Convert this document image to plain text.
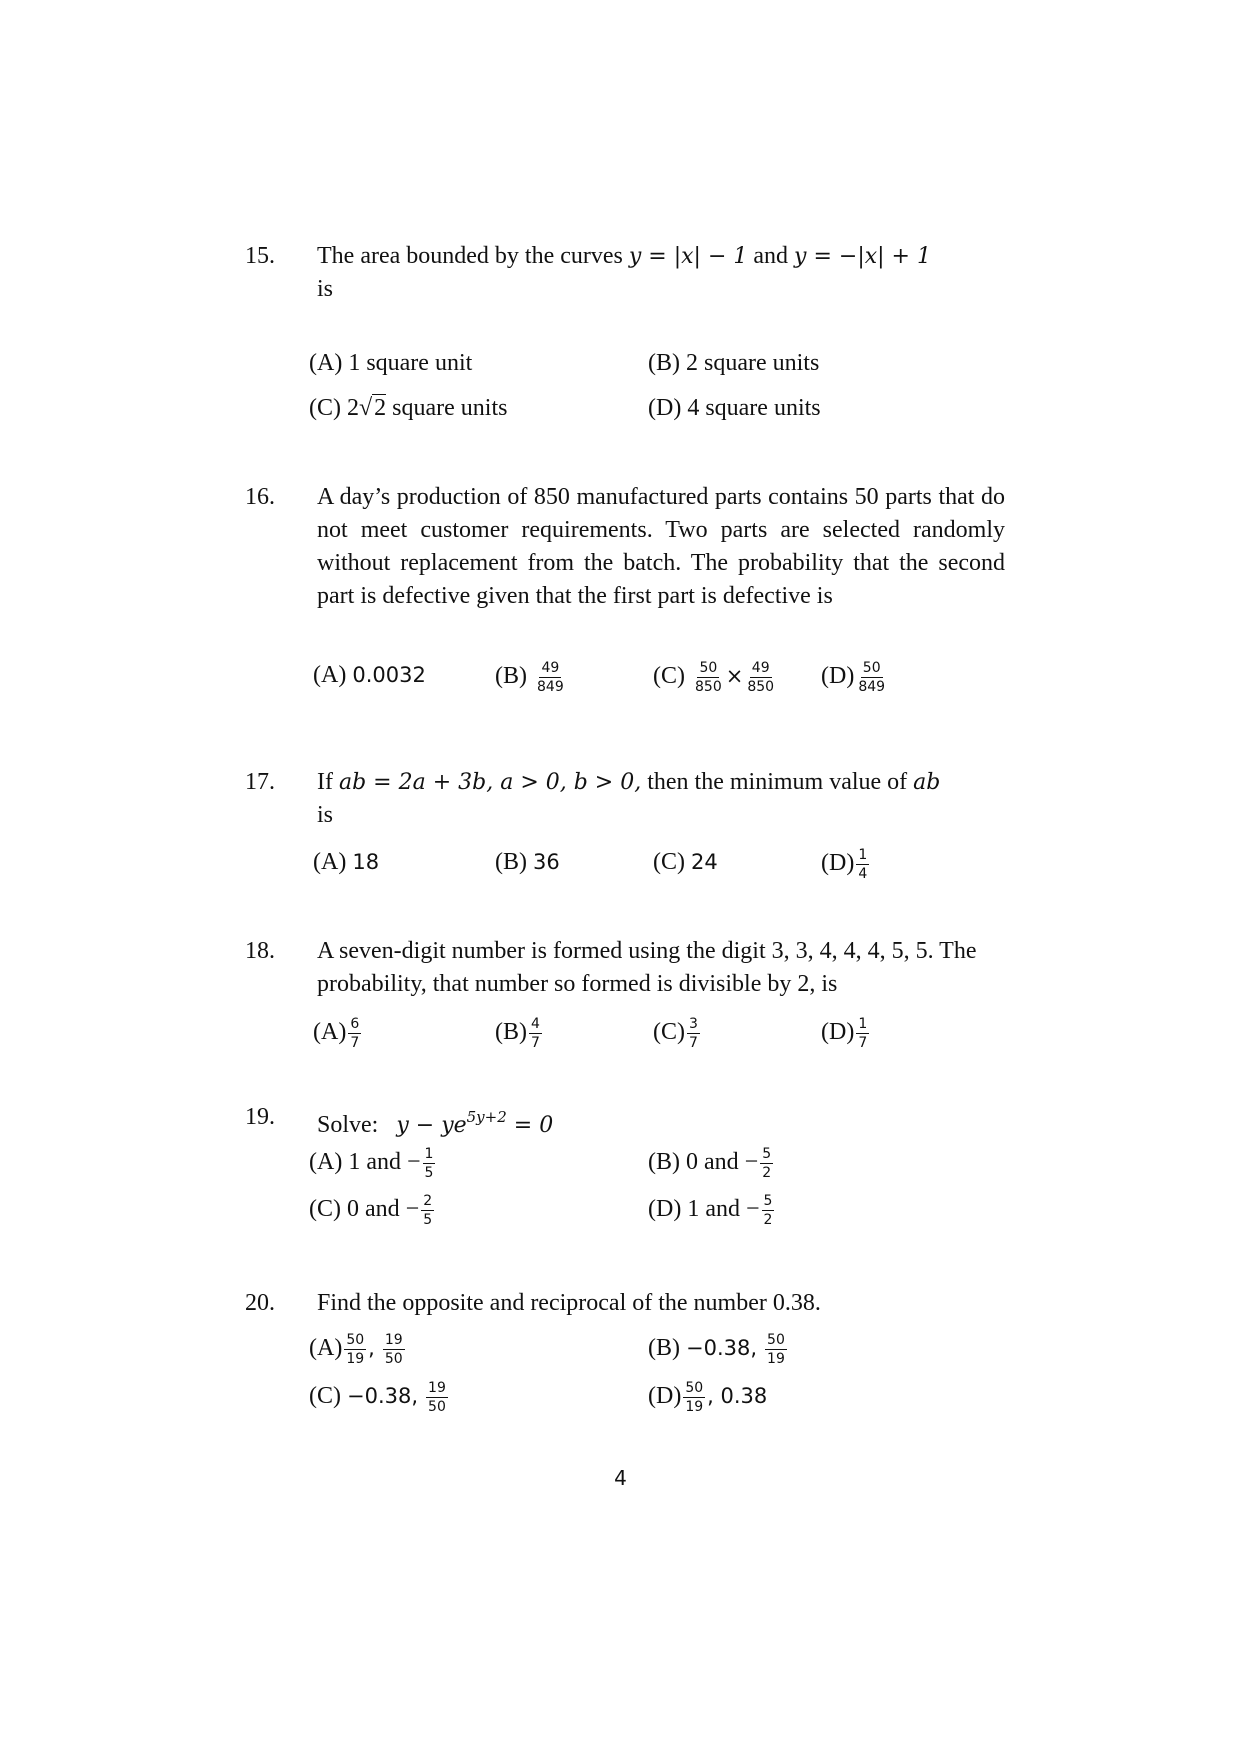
15. The area bounded by the curves y = |x| − 1 and y = −|x| + 1
is
(A) 1 square unit	(B) 2 square units
(C) 2√2 square units	(D) 4 square units
16. A day’s production of 850 manufactured parts contains 50 parts that do not meet customer requirements. Two parts are selected randomly without replacement from the batch. The probability that the second part is defective given that the first part is defective is
(A) 0.0032	$(B) \frac{49}{849}$	$(C) \frac{50}{850} \times \frac{49}{850} (D) \frac{50}{849}$
17. If ab = 2a + 3b, a > 0, b > 0, then the minimum value of ab
is
(A) 18	(B) 36	(C) 24	$(D) \frac{1}{4}$
18. A seven-digit number is formed using the digit 3, 3, 4, 4, 4, 5, 5. The probability, that number so formed is divisible by 2, is
$(A) \frac{6}{7}$	$(B) \frac{4}{7}$	$(C) \frac{3}{7}$	$(D) \frac{1}{7}$
19. Solve: $y - ye^{5y+2} = 0$
(A) 1 and − $\frac{1}{5}$	(B) 0 and − $\frac{5}{2}$
(C) 0 and − $\frac{2}{5}$	(D) 1 and − $\frac{5}{2}$
20. Find the opposite and reciprocal of the number 0.38.
$(A) \frac{50}{19}$ , $\frac{19}{50}$	(B) −0.38, $\frac{50}{19}$
(C) −0.38, $\frac{19}{50}$	$(D) \frac{50}{19}$ , 0.38
4
